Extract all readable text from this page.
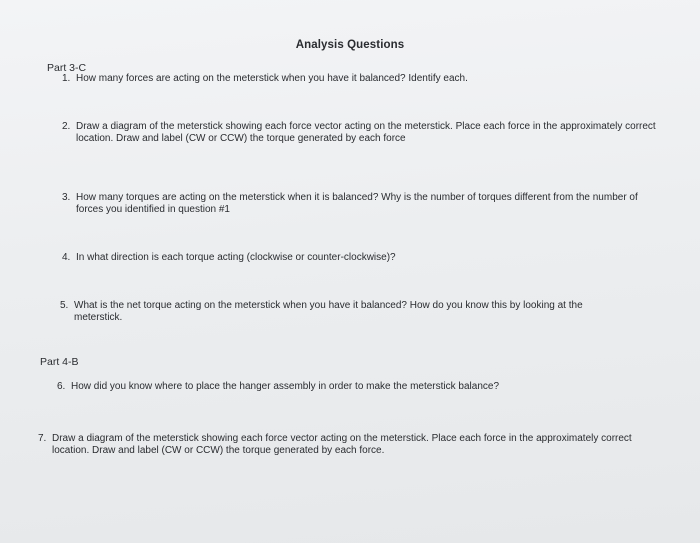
Analysis Questions
Part 3-C
1. How many forces are acting on the meterstick when you have it balanced? Identify each.
2. Draw a diagram of the meterstick showing each force vector acting on the meterstick. Place each force in the approximately correct location. Draw and label (CW or CCW) the torque generated by each force
3. How many torques are acting on the meterstick when it is balanced? Why is the number of torques different from the number of forces you identified in question #1
4. In what direction is each torque acting (clockwise or counter-clockwise)?
5. What is the net torque acting on the meterstick when you have it balanced? How do you know this by looking at the meterstick.
Part 4-B
6. How did you know where to place the hanger assembly in order to make the meterstick balance?
7. Draw a diagram of the meterstick showing each force vector acting on the meterstick. Place each force in the approximately correct location. Draw and label (CW or CCW) the torque generated by each force.
